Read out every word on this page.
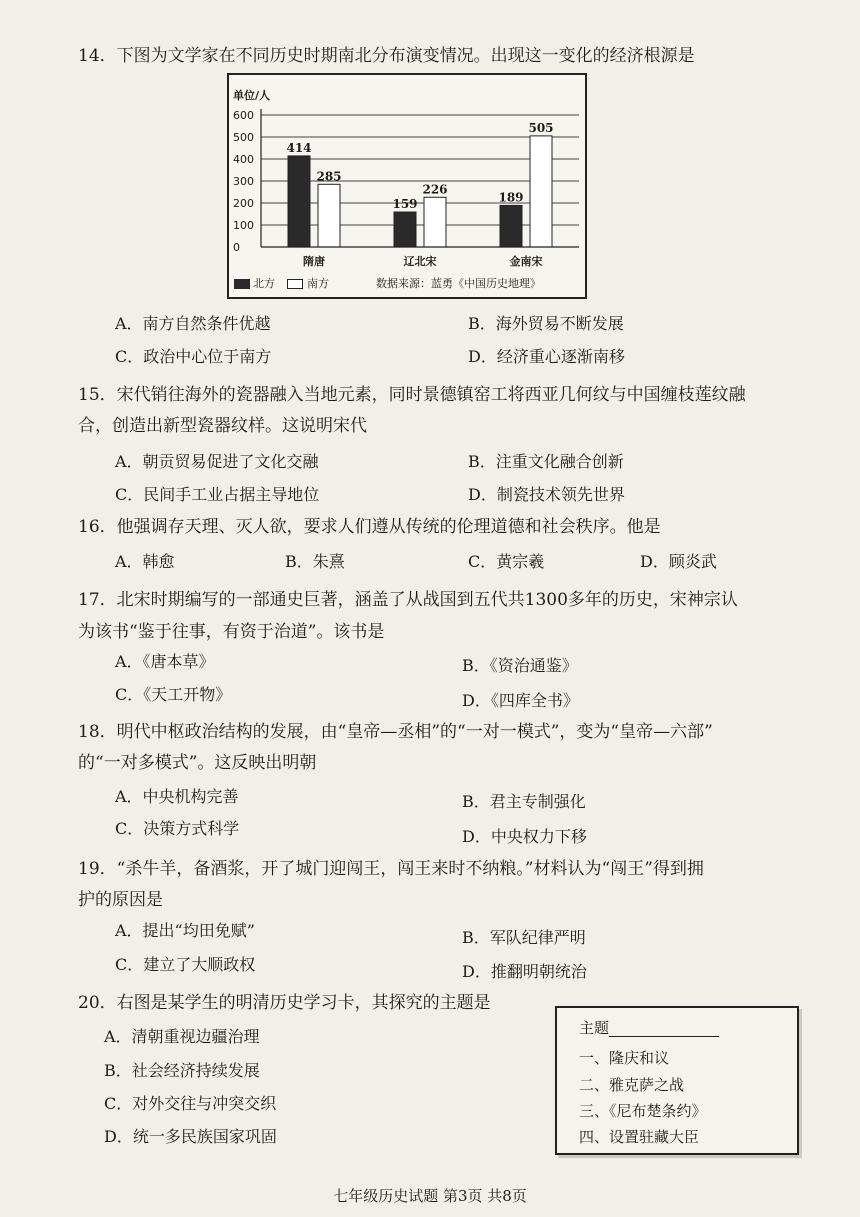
14．下图为文学家在不同历史时期南北分布演变情况。出现这一变化的经济根源是
单位/人
0
100
200
300
400
500
600
414
285
隋唐
159
226
辽北宋
189
505
金南宋
北方	南方	数据来源：蓝勇《中国历史地理》
A．南方自然条件优越	B．海外贸易不断发展
C．政治中心位于南方	D．经济重心逐渐南移
15．宋代销往海外的瓷器融入当地元素，同时景德镇窑工将西亚几何纹与中国缠枝莲纹融
合，创造出新型瓷器纹样。这说明宋代
A．朝贡贸易促进了文化交融	B．注重文化融合创新
C．民间手工业占据主导地位	D．制瓷技术领先世界
16．他强调存天理、灭人欲，要求人们遵从传统的伦理道德和社会秩序。他是
A．韩愈	B．朱熹	C．黄宗羲	D．顾炎武
17．北宋时期编写的一部通史巨著，涵盖了从战国到五代共1300多年的历史，宋神宗认
为该书“鉴于往事，有资于治道”。该书是
A．《唐本草》	B．《资治通鉴》
C．《天工开物》	D．《四库全书》
18．明代中枢政治结构的发展，由“皇帝—丞相”的“一对一模式”，变为“皇帝—六部”
的“一对多模式”。这反映出明朝
A．中央机构完善	B．君主专制强化
C．决策方式科学	D．中央权力下移
19．“杀牛羊，备酒浆，开了城门迎闯王，闯王来时不纳粮。”材料认为“闯王”得到拥
护的原因是
A．提出“均田免赋”	B．军队纪律严明
C．建立了大顺政权	D．推翻明朝统治
20．右图是某学生的明清历史学习卡，其探究的主题是
A．清朝重视边疆治理
B．社会经济持续发展
C．对外交往与冲突交织
D．统一多民族国家巩固
主题
一、隆庆和议
二、雅克萨之战
三、《尼布楚条约》
四、设置驻藏大臣
七年级历史试题 第3页 共8页
